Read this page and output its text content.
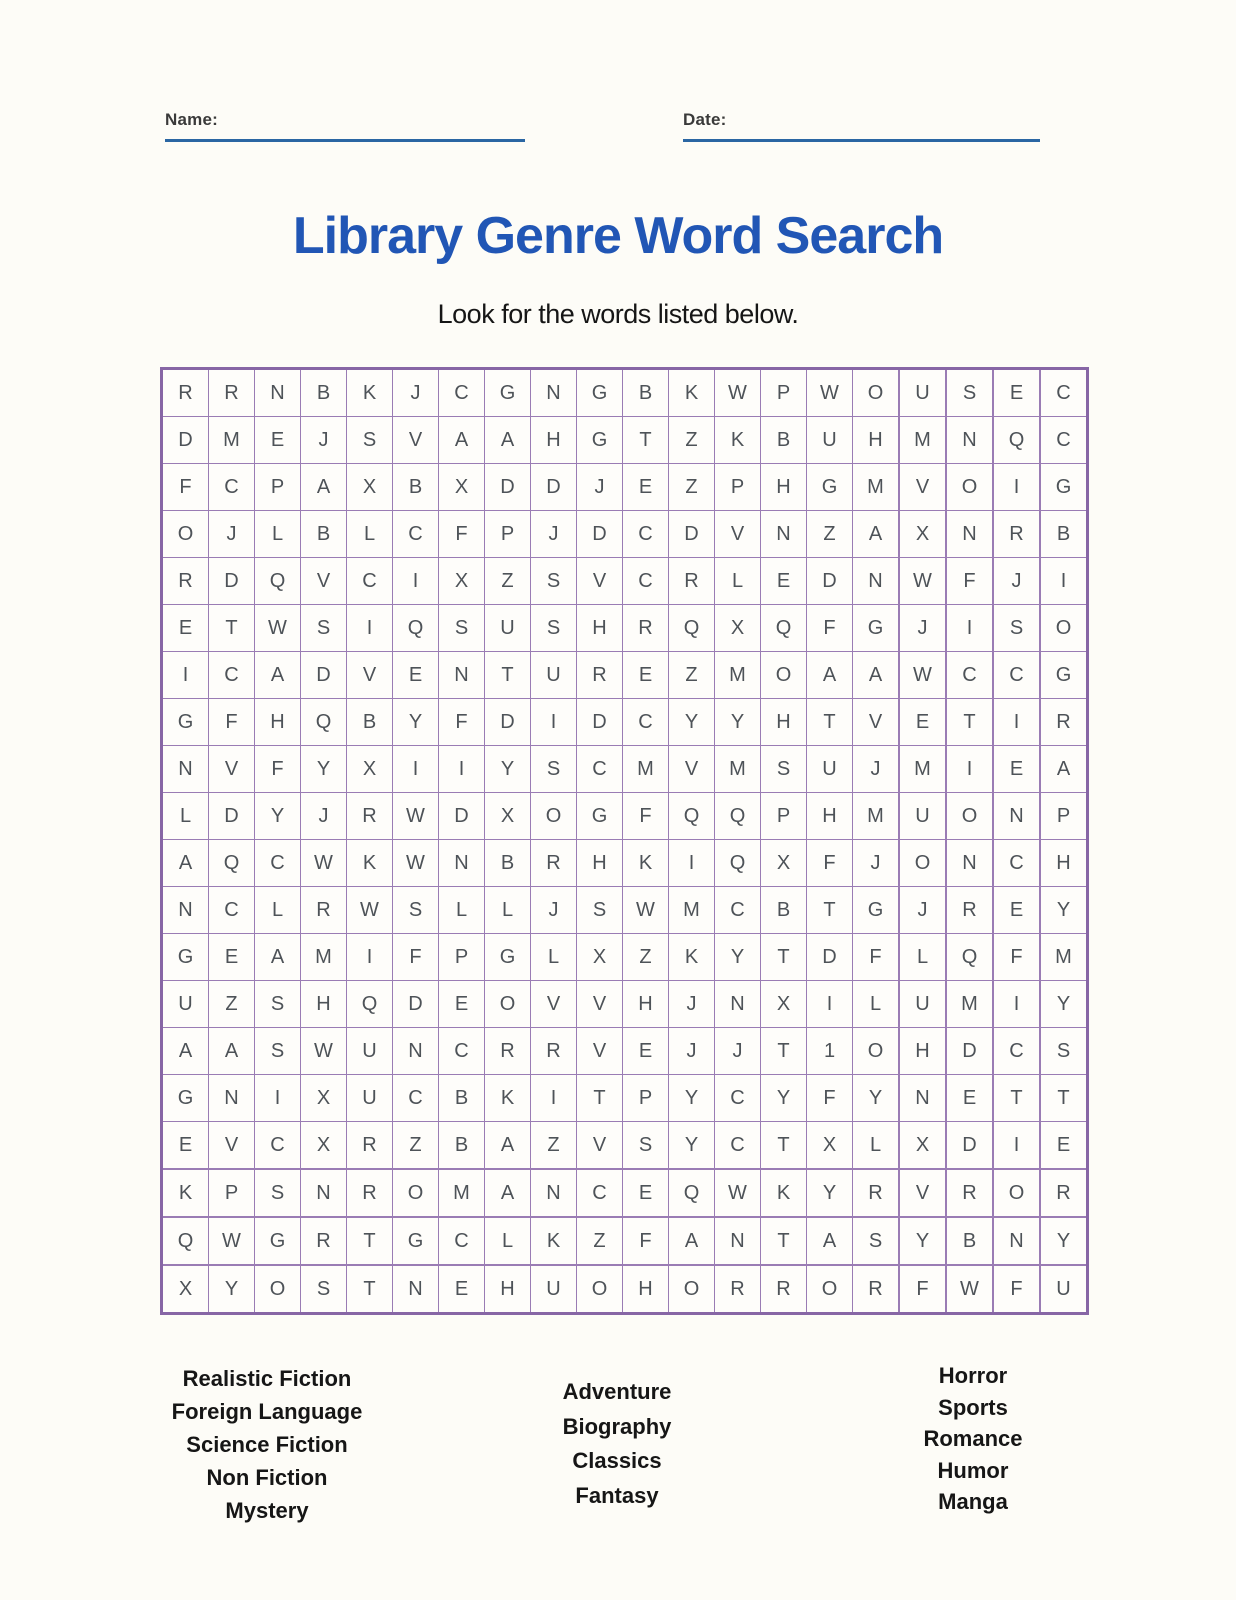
Name:	Date:
Library Genre Word Search
Look for the words listed below.
R	R	N	B	K	J	C	G	N	G	B	K	W	P	W	O	U	S	E	C
D	M	E	J	S	V	A	A	H	G	T	Z	K	B	U	H	M	N	Q	C
F	C	P	A	X	B	X	D	D	J	E	Z	P	H	G	M	V	O	I	G
O	J	L	B	L	C	F	P	J	D	C	D	V	N	Z	A	X	N	R	B
R	D	Q	V	C	I	X	Z	S	V	C	R	L	E	D	N	W	F	J	I
E	T	W	S	I	Q	S	U	S	H	R	Q	X	Q	F	G	J	I	S	O
I	C	A	D	V	E	N	T	U	R	E	Z	M	O	A	A	W	C	C	G
G	F	H	Q	B	Y	F	D	I	D	C	Y	Y	H	T	V	E	T	I	R
N	V	F	Y	X	I	I	Y	S	C	M	V	M	S	U	J	M	I	E	A
L	D	Y	J	R	W	D	X	O	G	F	Q	Q	P	H	M	U	O	N	P
A	Q	C	W	K	W	N	B	R	H	K	I	Q	X	F	J	O	N	C	H
N	C	L	R	W	S	L	L	J	S	W	M	C	B	T	G	J	R	E	Y
G	E	A	M	I	F	P	G	L	X	Z	K	Y	T	D	F	L	Q	F	M
U	Z	S	H	Q	D	E	O	V	V	H	J	N	X	I	L	U	M	I	Y
A	A	S	W	U	N	C	R	R	V	E	J	J	T	1	O	H	D	C	S
G	N	I	X	U	C	B	K	I	T	P	Y	C	Y	F	Y	N	E	T	T
E	V	C	X	R	Z	B	A	Z	V	S	Y	C	T	X	L	X	D	I	E
K	P	S	N	R	O	M	A	N	C	E	Q	W	K	Y	R	V	R	O	R
Q	W	G	R	T	G	C	L	K	Z	F	A	N	T	A	S	Y	B	N	Y
X	Y	O	S	T	N	E	H	U	O	H	O	R	R	O	R	F	W	F	U
Realistic Fiction
Foreign Language
Science Fiction
Non Fiction
Mystery
Adventure
Biography
Classics
Fantasy
Horror
Sports
Romance
Humor
Manga
